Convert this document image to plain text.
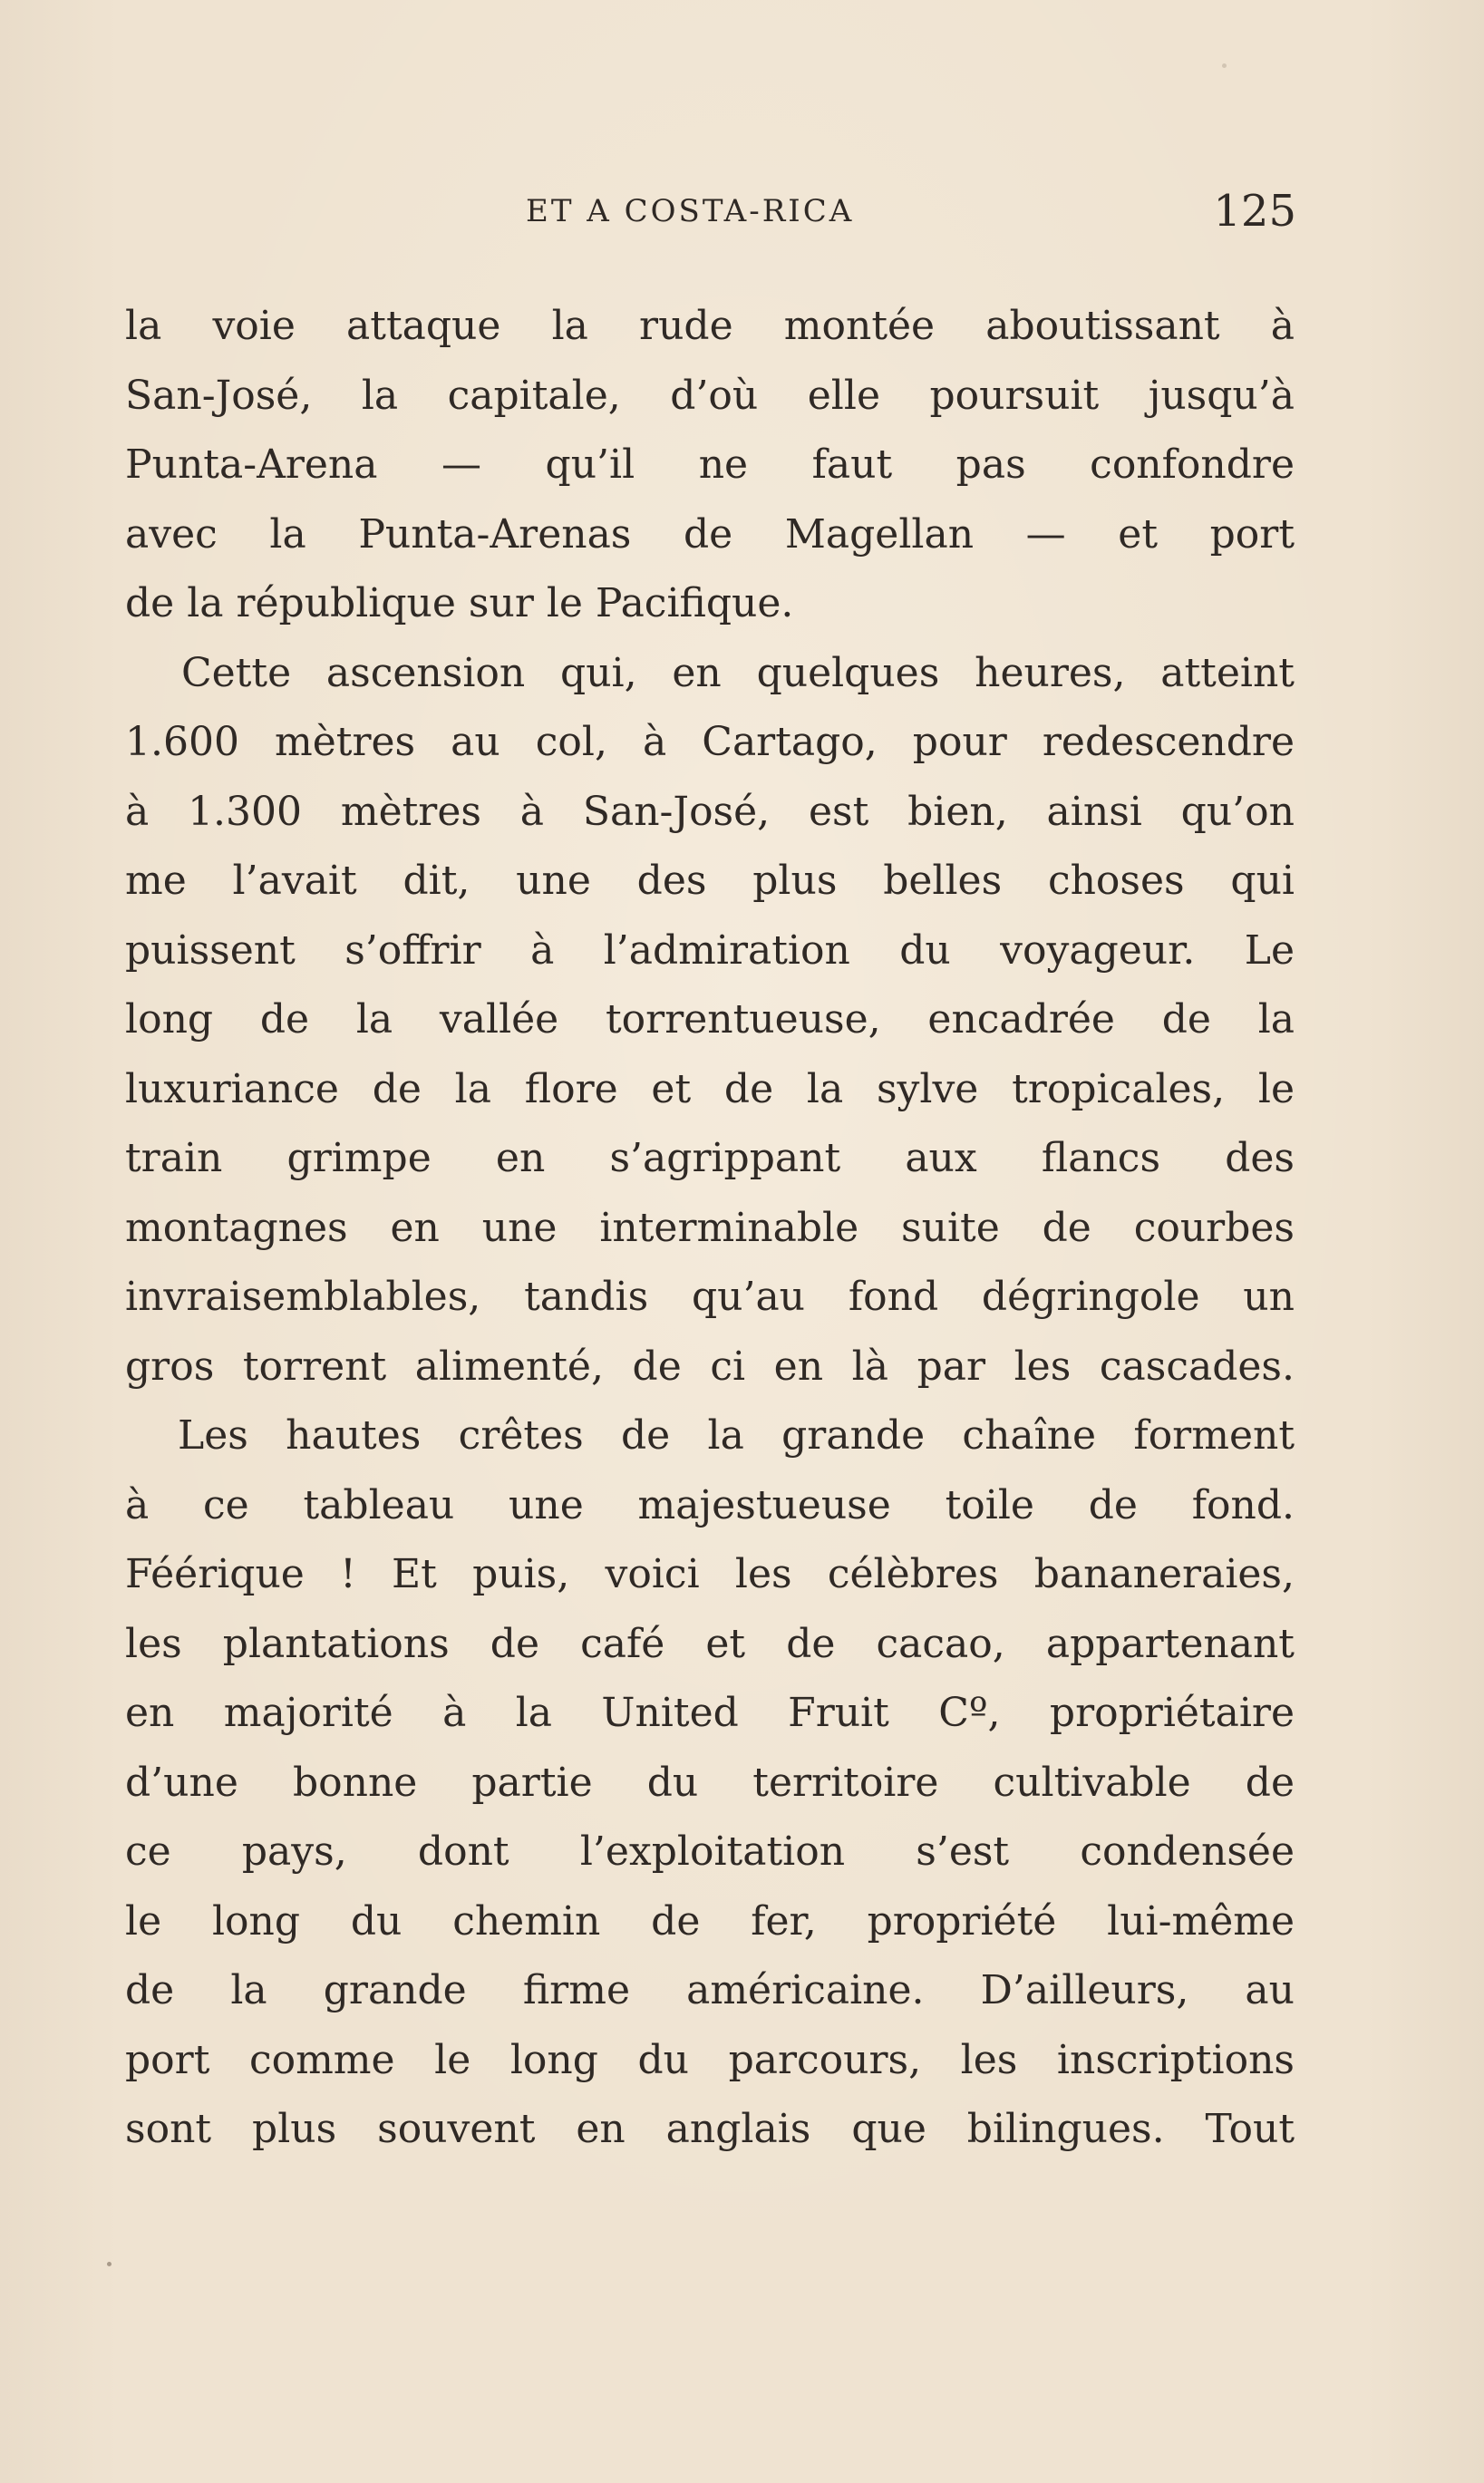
ET A COSTA-RICA	125
la voie attaque la rude montée aboutissant à
San-José, la capitale, d’où elle poursuit jusqu’à
Punta-Arena — qu’il ne faut pas confondre
avec la Punta-Arenas de Magellan — et port
de la république sur le Pacifique.
Cette ascension qui, en quelques heures, atteint
1.600 mètres au col, à Cartago, pour redescendre
à 1.300 mètres à San-José, est bien, ainsi qu’on
me l’avait dit, une des plus belles choses qui
puissent s’offrir à l’admiration du voyageur. Le
long de la vallée torrentueuse, encadrée de la
luxuriance de la flore et de la sylve tropicales, le
train grimpe en s’agrippant aux flancs des
montagnes en une interminable suite de courbes
invraisemblables, tandis qu’au fond dégringole un
gros torrent alimenté, de ci en là par les cascades.
Les hautes crêtes de la grande chaîne forment
à ce tableau une majestueuse toile de fond.
Féérique ! Et puis, voici les célèbres bananeraies,
les plantations de café et de cacao, appartenant
en majorité à la United Fruit Cº, propriétaire
d’une bonne partie du territoire cultivable de
ce pays, dont l’exploitation s’est condensée
le long du chemin de fer, propriété lui-même
de la grande firme américaine. D’ailleurs, au
port comme le long du parcours, les inscriptions
sont plus souvent en anglais que bilingues. Tout
